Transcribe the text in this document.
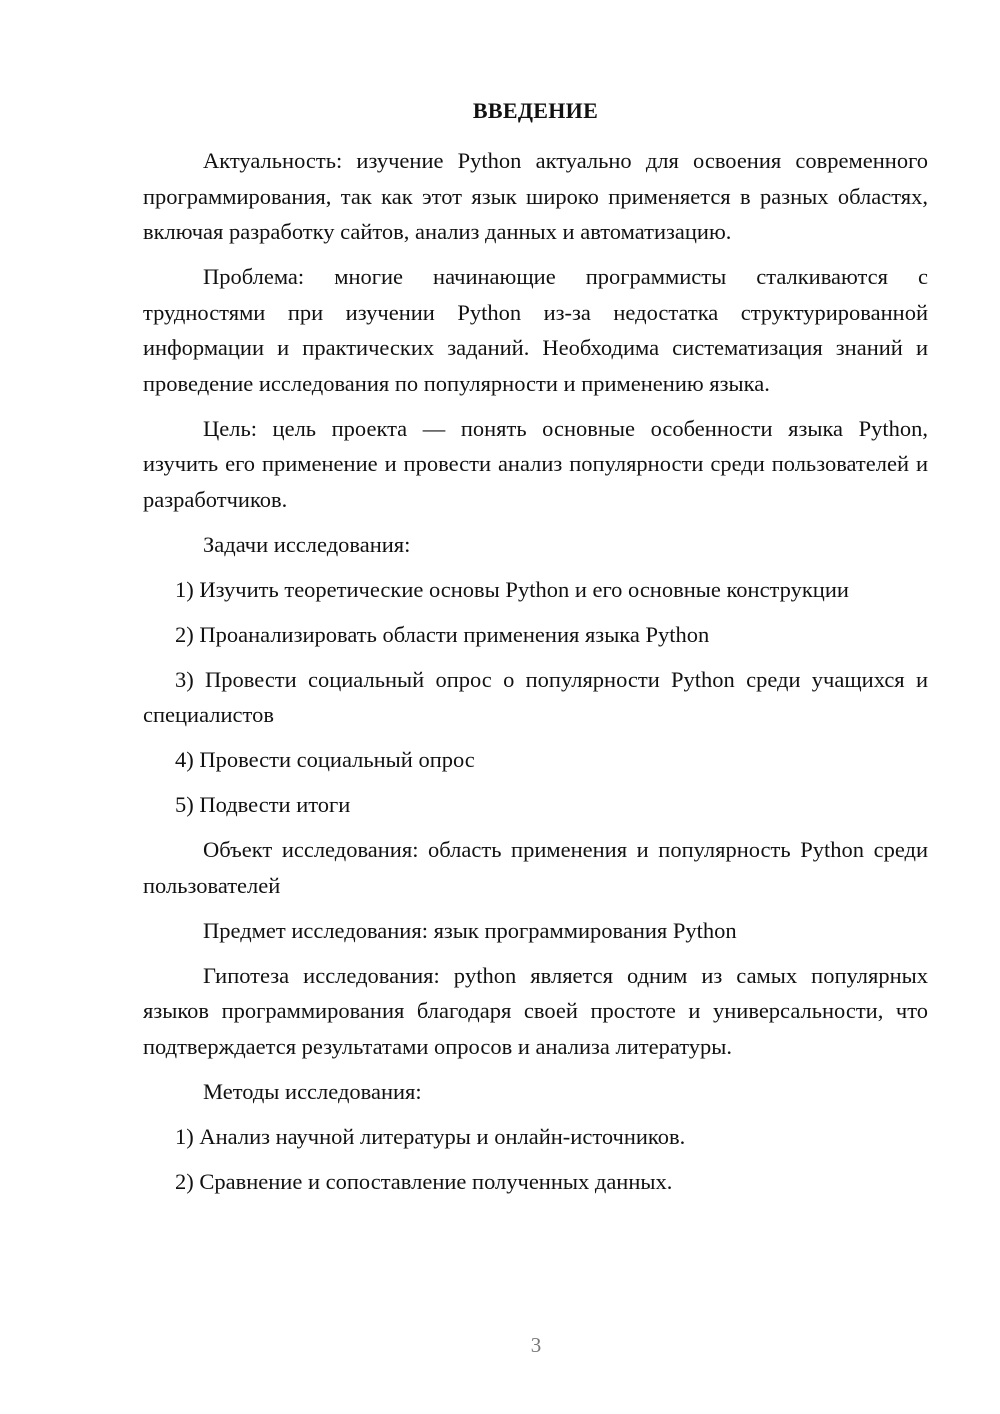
ВВЕДЕНИЕ

Актуальность: изучение Python актуально для освоения современного программирования, так как этот язык широко применяется в разных областях, включая разработку сайтов, анализ данных и автоматизацию.

Проблема: многие начинающие программисты сталкиваются с трудностями при изучении Python из-за недостатка структурированной информации и практических заданий. Необходима систематизация знаний и проведение исследования по популярности и применению языка.

Цель: цель проекта — понять основные особенности языка Python, изучить его применение и провести анализ популярности среди пользователей и разработчиков.

Задачи исследования:

1) Изучить теоретические основы Python и его основные конструкции

2) Проанализировать области применения языка Python

3) Провести социальный опрос о популярности Python среди учащихся и специалистов

4) Провести социальный опрос

5) Подвести итоги

Объект исследования: область применения и популярность Python среди пользователей

Предмет исследования: язык программирования Python

Гипотеза исследования: python является одним из самых популярных языков программирования благодаря своей простоте и универсальности, что подтверждается результатами опросов и анализа литературы.

Методы исследования:

1) Анализ научной литературы и онлайн-источников.

2) Сравнение и сопоставление полученных данных.

3
